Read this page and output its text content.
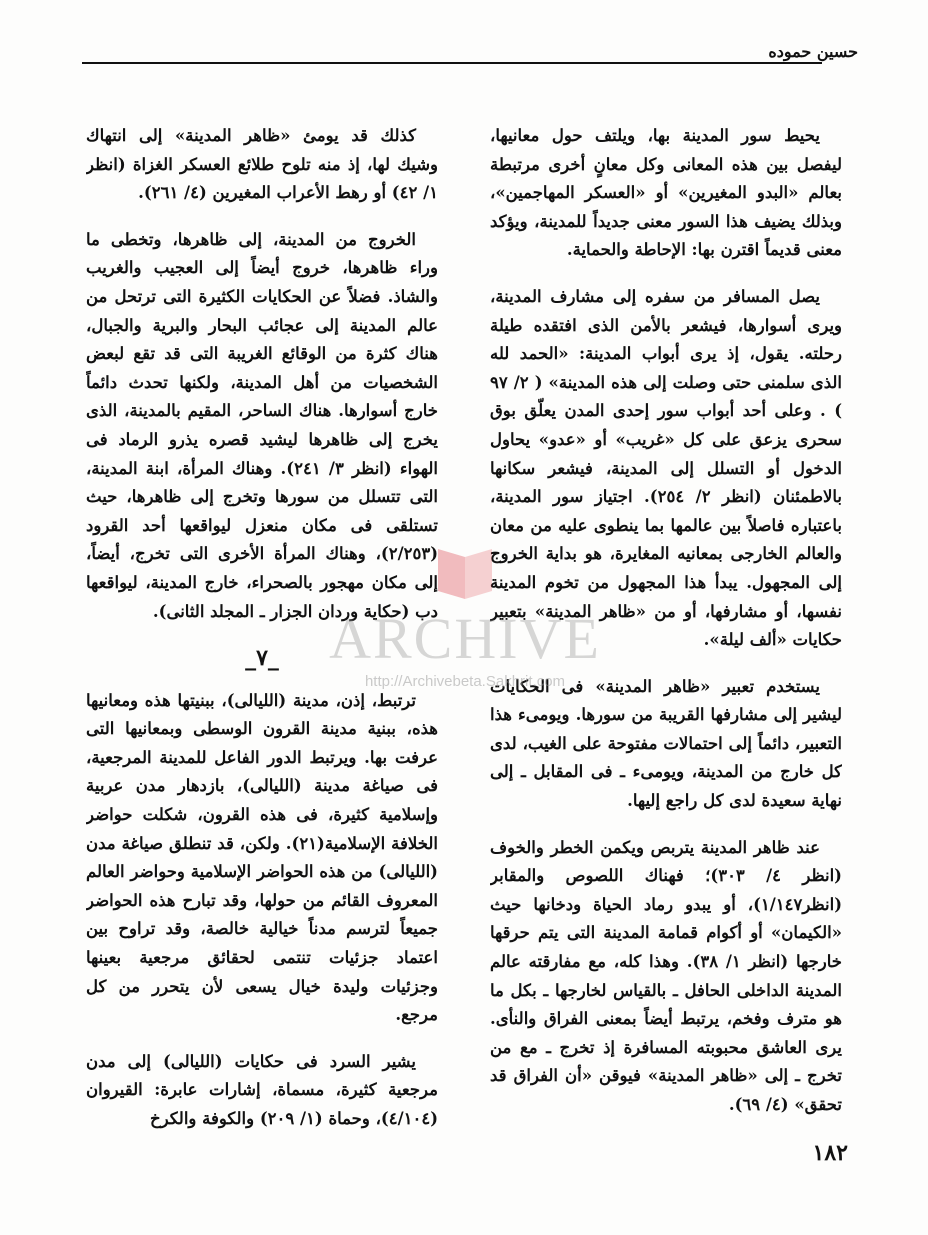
حسين حموده

يحيط سور المدينة بها، ويلتف حول معانيها، ليفصل بين هذه المعانى وكل معانٍ أخرى مرتبطة بعالم «البدو المغيرين» أو «العسكر المهاجمين»، وبذلك يضيف هذا السور معنى جديداً للمدينة، ويؤكد معنى قديماً اقترن بها: الإحاطة والحماية.

يصل المسافر من سفره إلى مشارف المدينة، ويرى أسوارها، فيشعر بالأمن الذى افتقده طيلة رحلته. يقول، إذ يرى أبواب المدينة: «الحمد لله الذى سلمنى حتى وصلت إلى هذه المدينة» ( ٢/ ٩٧ ) . وعلى أحد أبواب سور إحدى المدن يعلّق بوق سحرى يزعق على كل «غريب» أو «عدو» يحاول الدخول أو التسلل إلى المدينة، فيشعر سكانها بالاطمئنان (انظر ٢/ ٢٥٤). اجتياز سور المدينة، باعتباره فاصلاً بين عالمها بما ينطوى عليه من معان والعالم الخارجى بمعانيه المغايرة، هو بداية الخروج إلى المجهول. يبدأ هذا المجهول من تخوم المدينة نفسها، أو مشارفها، أو من «ظاهر المدينة» بتعبير حكايات «ألف ليلة».

يستخدم تعبير «ظاهر المدينة» فى الحكايات ليشير إلى مشارفها القريبة من سورها. ويومىء هذا التعبير، دائماً إلى احتمالات مفتوحة على الغيب، لدى كل خارج من المدينة، ويومىء ـ فى المقابل ـ إلى نهاية سعيدة لدى كل راجع إليها.

عند ظاهر المدينة يتربص ويكمن الخطر والخوف (انظر ٤/ ٣٠٣)؛ فهناك اللصوص والمقابر (انظر١/١٤٧)، أو يبدو رماد الحياة ودخانها حيث «الكيمان» أو أكوام قمامة المدينة التى يتم حرقها خارجها (انظر ١/ ٣٨). وهذا كله، مع مفارقته عالم المدينة الداخلى الحافل ـ بالقياس لخارجها ـ بكل ما هو مترف وفخم، يرتبط أيضاً بمعنى الفراق والنأى. يرى العاشق محبوبته المسافرة إذ تخرج ـ مع من تخرج ـ إلى «ظاهر المدينة» فيوقن «أن الفراق قد تحقق» (٤/ ٦٩).

كذلك قد يومئ «ظاهر المدينة» إلى انتهاك وشيك لها، إذ منه تلوح طلائع العسكر الغزاة (انظر ١/ ٤٢) أو رهط الأعراب المغيرين (٤/ ٢٦١).

الخروج من المدينة، إلى ظاهرها، وتخطى ما وراء ظاهرها، خروج أيضاً إلى العجيب والغريب والشاذ. فضلاً عن الحكايات الكثيرة التى ترتحل من عالم المدينة إلى عجائب البحار والبرية والجبال، هناك كثرة من الوقائع الغريبة التى قد تقع لبعض الشخصيات من أهل المدينة، ولكنها تحدث دائماً خارج أسوارها. هناك الساحر، المقيم بالمدينة، الذى يخرج إلى ظاهرها ليشيد قصره يذرو الرماد فى الهواء (انظر ٣/ ٢٤١). وهناك المرأة، ابنة المدينة، التى تتسلل من سورها وتخرج إلى ظاهرها، حيث تستلقى فى مكان منعزل ليواقعها أحد القرود (٢/٢٥٣)، وهناك المرأة الأخرى التى تخرج، أيضاً، إلى مكان مهجور بالصحراء، خارج المدينة، ليواقعها دب (حكاية وردان الجزار ـ المجلد الثانى).

_٧_

ترتبط، إذن، مدينة (الليالى)، ببنيتها هذه ومعانيها هذه، ببنية مدينة القرون الوسطى وبمعانيها التى عرفت بها. ويرتبط الدور الفاعل للمدينة المرجعية، فى صياغة مدينة (الليالى)، بازدهار مدن عربية وإسلامية كثيرة، فى هذه القرون، شكلت حواضر الخلافة الإسلامية(٢١). ولكن، قد تنطلق صياغة مدن (الليالى) من هذه الحواضر الإسلامية وحواضر العالم المعروف القائم من حولها، وقد تبارح هذه الحواضر جميعاً لترسم مدناً خيالية خالصة، وقد تراوح بين اعتماد جزئيات تنتمى لحقائق مرجعية بعينها وجزئيات وليدة خيال يسعى لأن يتحرر من كل مرجع.

يشير السرد فى حكايات (الليالى) إلى مدن مرجعية كثيرة، مسماة، إشارات عابرة: القيروان (٤/١٠٤)، وحماة (١/ ٢٠٩) والكوفة والكرخ

١٨٢
ARCHIVE
http://Archivebeta.Sakhrit.com
